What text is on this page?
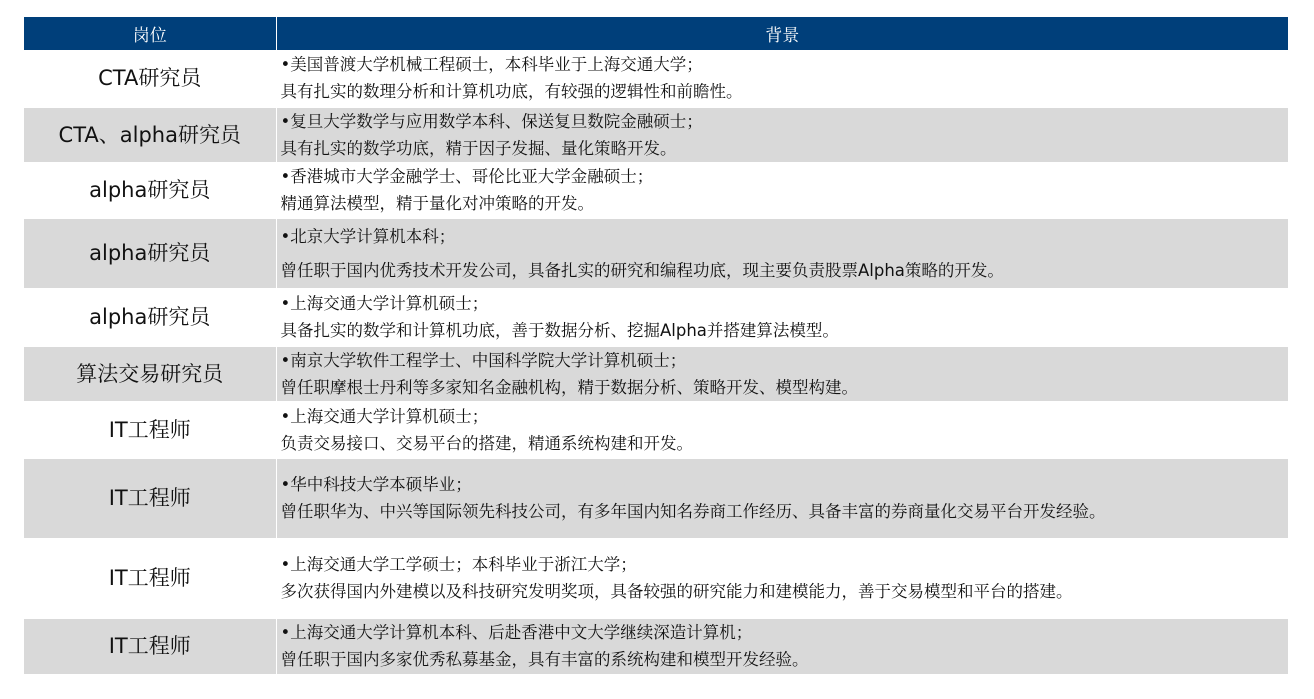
岗位	背景
CTA研究员	•美国普渡大学机械工程硕士，本科毕业于上海交通大学；
具有扎实的数理分析和计算机功底，有较强的逻辑性和前瞻性。

CTA、alpha研究员	•复旦大学数学与应用数学本科、保送复旦数院金融硕士；
具有扎实的数学功底，精于因子发掘、量化策略开发。

alpha研究员	•香港城市大学金融学士、哥伦比亚大学金融硕士；
精通算法模型，精于量化对冲策略的开发。

alpha研究员	•北京大学计算机本科；
曾任职于国内优秀技术开发公司，具备扎实的研究和编程功底，现主要负责股票Alpha策略的开发。

alpha研究员	•上海交通大学计算机硕士；
具备扎实的数学和计算机功底，善于数据分析、挖掘Alpha并搭建算法模型。

算法交易研究员	•南京大学软件工程学士、中国科学院大学计算机硕士；
曾任职摩根士丹利等多家知名金融机构，精于数据分析、策略开发、模型构建。

IT工程师	•上海交通大学计算机硕士；
负责交易接口、交易平台的搭建，精通系统构建和开发。

IT工程师	•华中科技大学本硕毕业；
曾任职华为、中兴等国际领先科技公司，有多年国内知名券商工作经历、具备丰富的券商量化交易平台开发经验。

IT工程师	•上海交通大学工学硕士；本科毕业于浙江大学；
多次获得国内外建模以及科技研究发明奖项，具备较强的研究能力和建模能力，善于交易模型和平台的搭建。

IT工程师	•上海交通大学计算机本科、后赴香港中文大学继续深造计算机；
曾任职于国内多家优秀私募基金，具有丰富的系统构建和模型开发经验。
